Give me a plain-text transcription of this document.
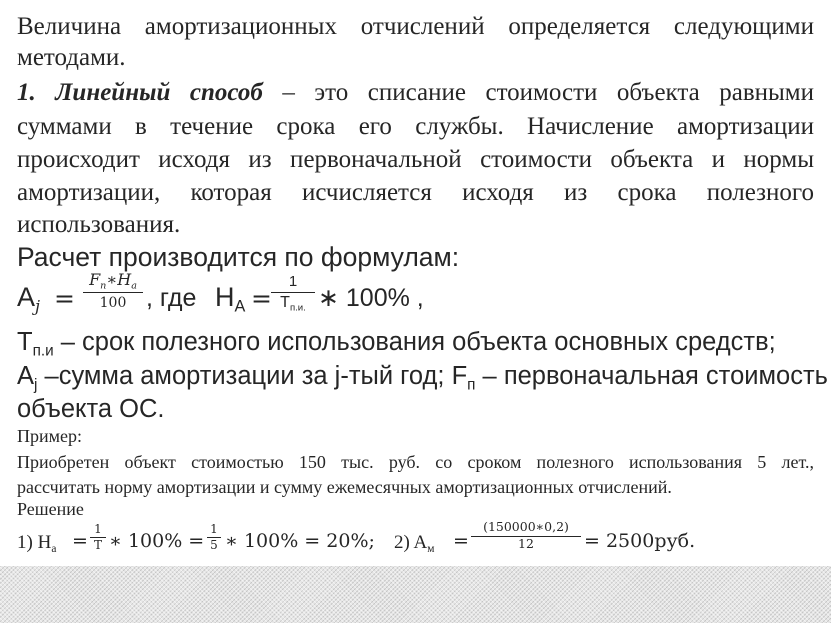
Величина амортизационных отчислений определяется следующими
методами.
1. Линейный способ – это списание стоимости объекта равными
суммами в течение срока его службы. Начисление амортизации
происходит исходя из первоначальной стоимости объекта и нормы
амортизации, которая исчисляется исходя из срока полезного
использования.
Расчет производится по формулам:
$A_j$ =
$F_n∗H_a$
100 , где $H_A$ =
1
$T_{п.и.}$ ∗ 100% ,
$T_{п.и}$ – срок полезного использования объекта основных средств;
$A_j$ –сумма амортизации за j-тый год; $F_п$ – первоначальная стоимость
объекта ОС.
Пример:
Приобретен объект стоимостью 150 тыс. руб. со сроком полезного использования 5 лет.,
рассчитать норму амортизации и сумму ежемесячных амортизационных отчислений.
Решение
1) $H_a$ =
1
T ∗ 100% =
1
5 ∗ 100% = 20%; 2) $A_м$ =
(150000∗0,2)
12	= 2500руб.
